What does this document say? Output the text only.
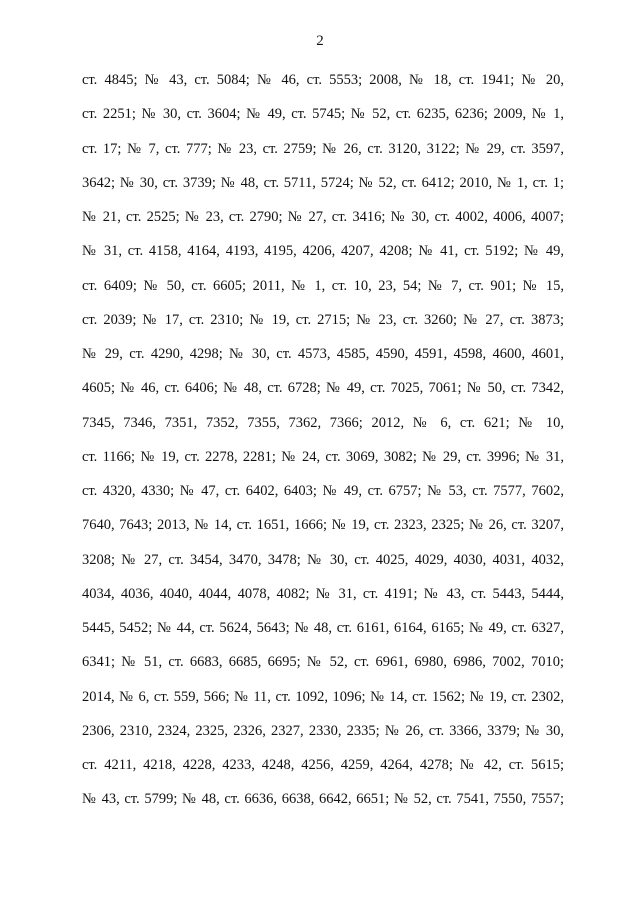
2
ст. 4845; № 43, ст. 5084; № 46, ст. 5553; 2008, № 18, ст. 1941; № 20,
ст. 2251; № 30, ст. 3604; № 49, ст. 5745; № 52, ст. 6235, 6236; 2009, № 1,
ст. 17; № 7, ст. 777; № 23, ст. 2759; № 26, ст. 3120, 3122; № 29, ст. 3597,
3642; № 30, ст. 3739; № 48, ст. 5711, 5724; № 52, ст. 6412; 2010, № 1, ст. 1;
№ 21, ст. 2525; № 23, ст. 2790; № 27, ст. 3416; № 30, ст. 4002, 4006, 4007;
№ 31, ст. 4158, 4164, 4193, 4195, 4206, 4207, 4208; № 41, ст. 5192; № 49,
ст. 6409; № 50, ст. 6605; 2011, № 1, ст. 10, 23, 54; № 7, ст. 901; № 15,
ст. 2039; № 17, ст. 2310; № 19, ст. 2715; № 23, ст. 3260; № 27, ст. 3873;
№ 29, ст. 4290, 4298; № 30, ст. 4573, 4585, 4590, 4591, 4598, 4600, 4601,
4605; № 46, ст. 6406; № 48, ст. 6728; № 49, ст. 7025, 7061; № 50, ст. 7342,
7345, 7346, 7351, 7352, 7355, 7362, 7366; 2012, № 6, ст. 621; № 10,
ст. 1166; № 19, ст. 2278, 2281; № 24, ст. 3069, 3082; № 29, ст. 3996; № 31,
ст. 4320, 4330; № 47, ст. 6402, 6403; № 49, ст. 6757; № 53, ст. 7577, 7602,
7640, 7643; 2013, № 14, ст. 1651, 1666; № 19, ст. 2323, 2325; № 26, ст. 3207,
3208; № 27, ст. 3454, 3470, 3478; № 30, ст. 4025, 4029, 4030, 4031, 4032,
4034, 4036, 4040, 4044, 4078, 4082; № 31, ст. 4191; № 43, ст. 5443, 5444,
5445, 5452; № 44, ст. 5624, 5643; № 48, ст. 6161, 6164, 6165; № 49, ст. 6327,
6341; № 51, ст. 6683, 6685, 6695; № 52, ст. 6961, 6980, 6986, 7002, 7010;
2014, № 6, ст. 559, 566; № 11, ст. 1092, 1096; № 14, ст. 1562; № 19, ст. 2302,
2306, 2310, 2324, 2325, 2326, 2327, 2330, 2335; № 26, ст. 3366, 3379; № 30,
ст. 4211, 4218, 4228, 4233, 4248, 4256, 4259, 4264, 4278; № 42, ст. 5615;
№ 43, ст. 5799; № 48, ст. 6636, 6638, 6642, 6651; № 52, ст. 7541, 7550, 7557;
